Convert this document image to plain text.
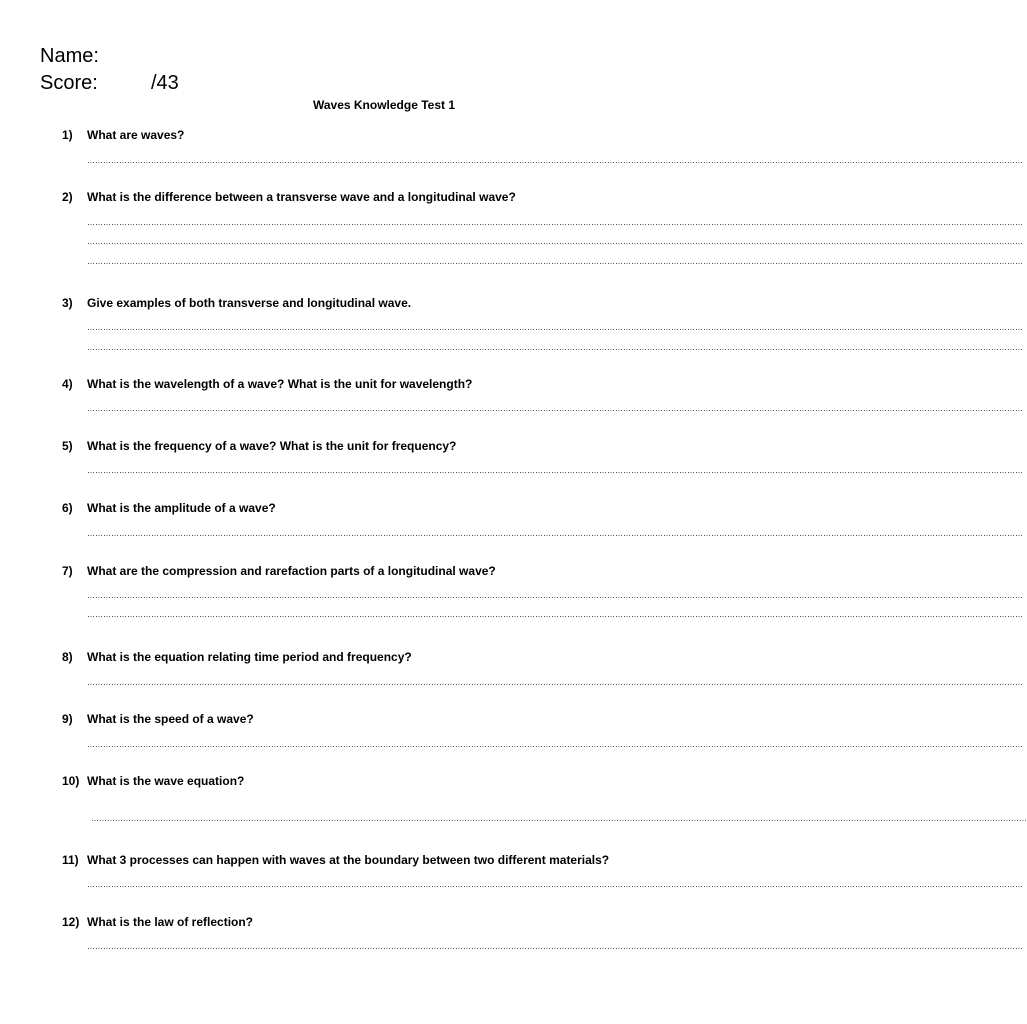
Name:
Score:	/43
Waves Knowledge Test 1
1) What are waves?
………………………………………………………………………………………………………………………………………………………………………………………………………………………………………………………………………………………………………………………
2) What is the difference between a transverse wave and a longitudinal wave?
………………………………………………………………………………………………………………………………………………………………………………………………………………………………………………………………………………………………………………………
………………………………………………………………………………………………………………………………………………………………………………………………………………………………………………………………………………………………………………………
………………………………………………………………………………………………………………………………………………………………………………………………………………………………………………………………………………………………………………………
3) Give examples of both transverse and longitudinal wave.
………………………………………………………………………………………………………………………………………………………………………………………………………………………………………………………………………………………………………………………
………………………………………………………………………………………………………………………………………………………………………………………………………………………………………………………………………………………………………………………
4) What is the wavelength of a wave? What is the unit for wavelength?
………………………………………………………………………………………………………………………………………………………………………………………………………………………………………………………………………………………………………………………
5) What is the frequency of a wave? What is the unit for frequency?
………………………………………………………………………………………………………………………………………………………………………………………………………………………………………………………………………………………………………………………
6) What is the amplitude of a wave?
………………………………………………………………………………………………………………………………………………………………………………………………………………………………………………………………………………………………………………………
7) What are the compression and rarefaction parts of a longitudinal wave?
………………………………………………………………………………………………………………………………………………………………………………………………………………………………………………………………………………………………………………………
………………………………………………………………………………………………………………………………………………………………………………………………………………………………………………………………………………………………………………………
8) What is the equation relating time period and frequency?
………………………………………………………………………………………………………………………………………………………………………………………………………………………………………………………………………………………………………………………
9) What is the speed of a wave?
………………………………………………………………………………………………………………………………………………………………………………………………………………………………………………………………………………………………………………………
10) What is the wave equation?
………………………………………………………………………………………………………………………………………………………………………………………………………………………………………………………………………………………………………………………
11) What 3 processes can happen with waves at the boundary between two different materials?
………………………………………………………………………………………………………………………………………………………………………………………………………………………………………………………………………………………………………………………
12) What is the law of reflection?
………………………………………………………………………………………………………………………………………………………………………………………………………………………………………………………………………………………………………………………
